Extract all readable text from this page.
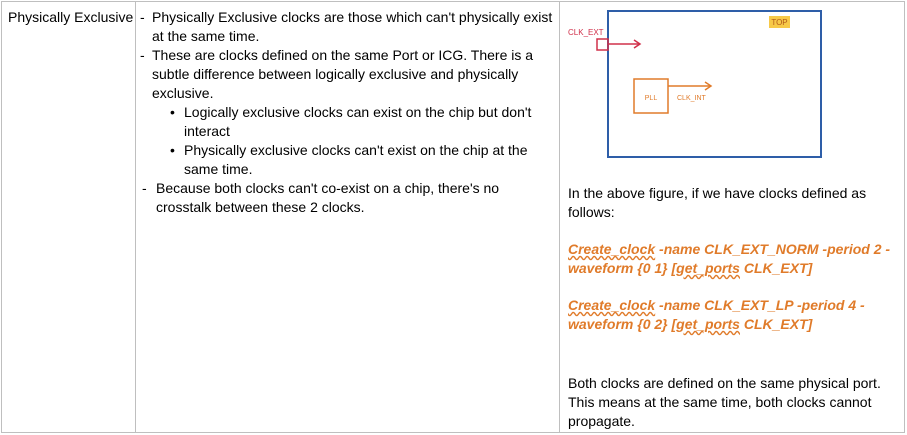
Physically Exclusive - Physically Exclusive clocks are those which can't physically exist at the same time.
- These are clocks defined on the same Port or ICG. There is a subtle difference between logically exclusive and physically exclusive.
• Logically exclusive clocks can exist on the chip but don't interact
• Physically exclusive clocks can't exist on the chip at the same time.
- Because both clocks can't co-exist on a chip, there's no crosstalk between these 2 clocks.
TOP
CLK_EXT
PLL	CLK_INT
In the above figure, if we have clocks defined as follows:
Create_clock -name CLK_EXT_NORM -period 2 -
waveform {0 1} [get_ports CLK_EXT]
Create_clock -name CLK_EXT_LP -period 4 -
waveform {0 2} [get_ports CLK_EXT]
Both clocks are defined on the same physical port. This means at the same time, both clocks cannot propagate.
